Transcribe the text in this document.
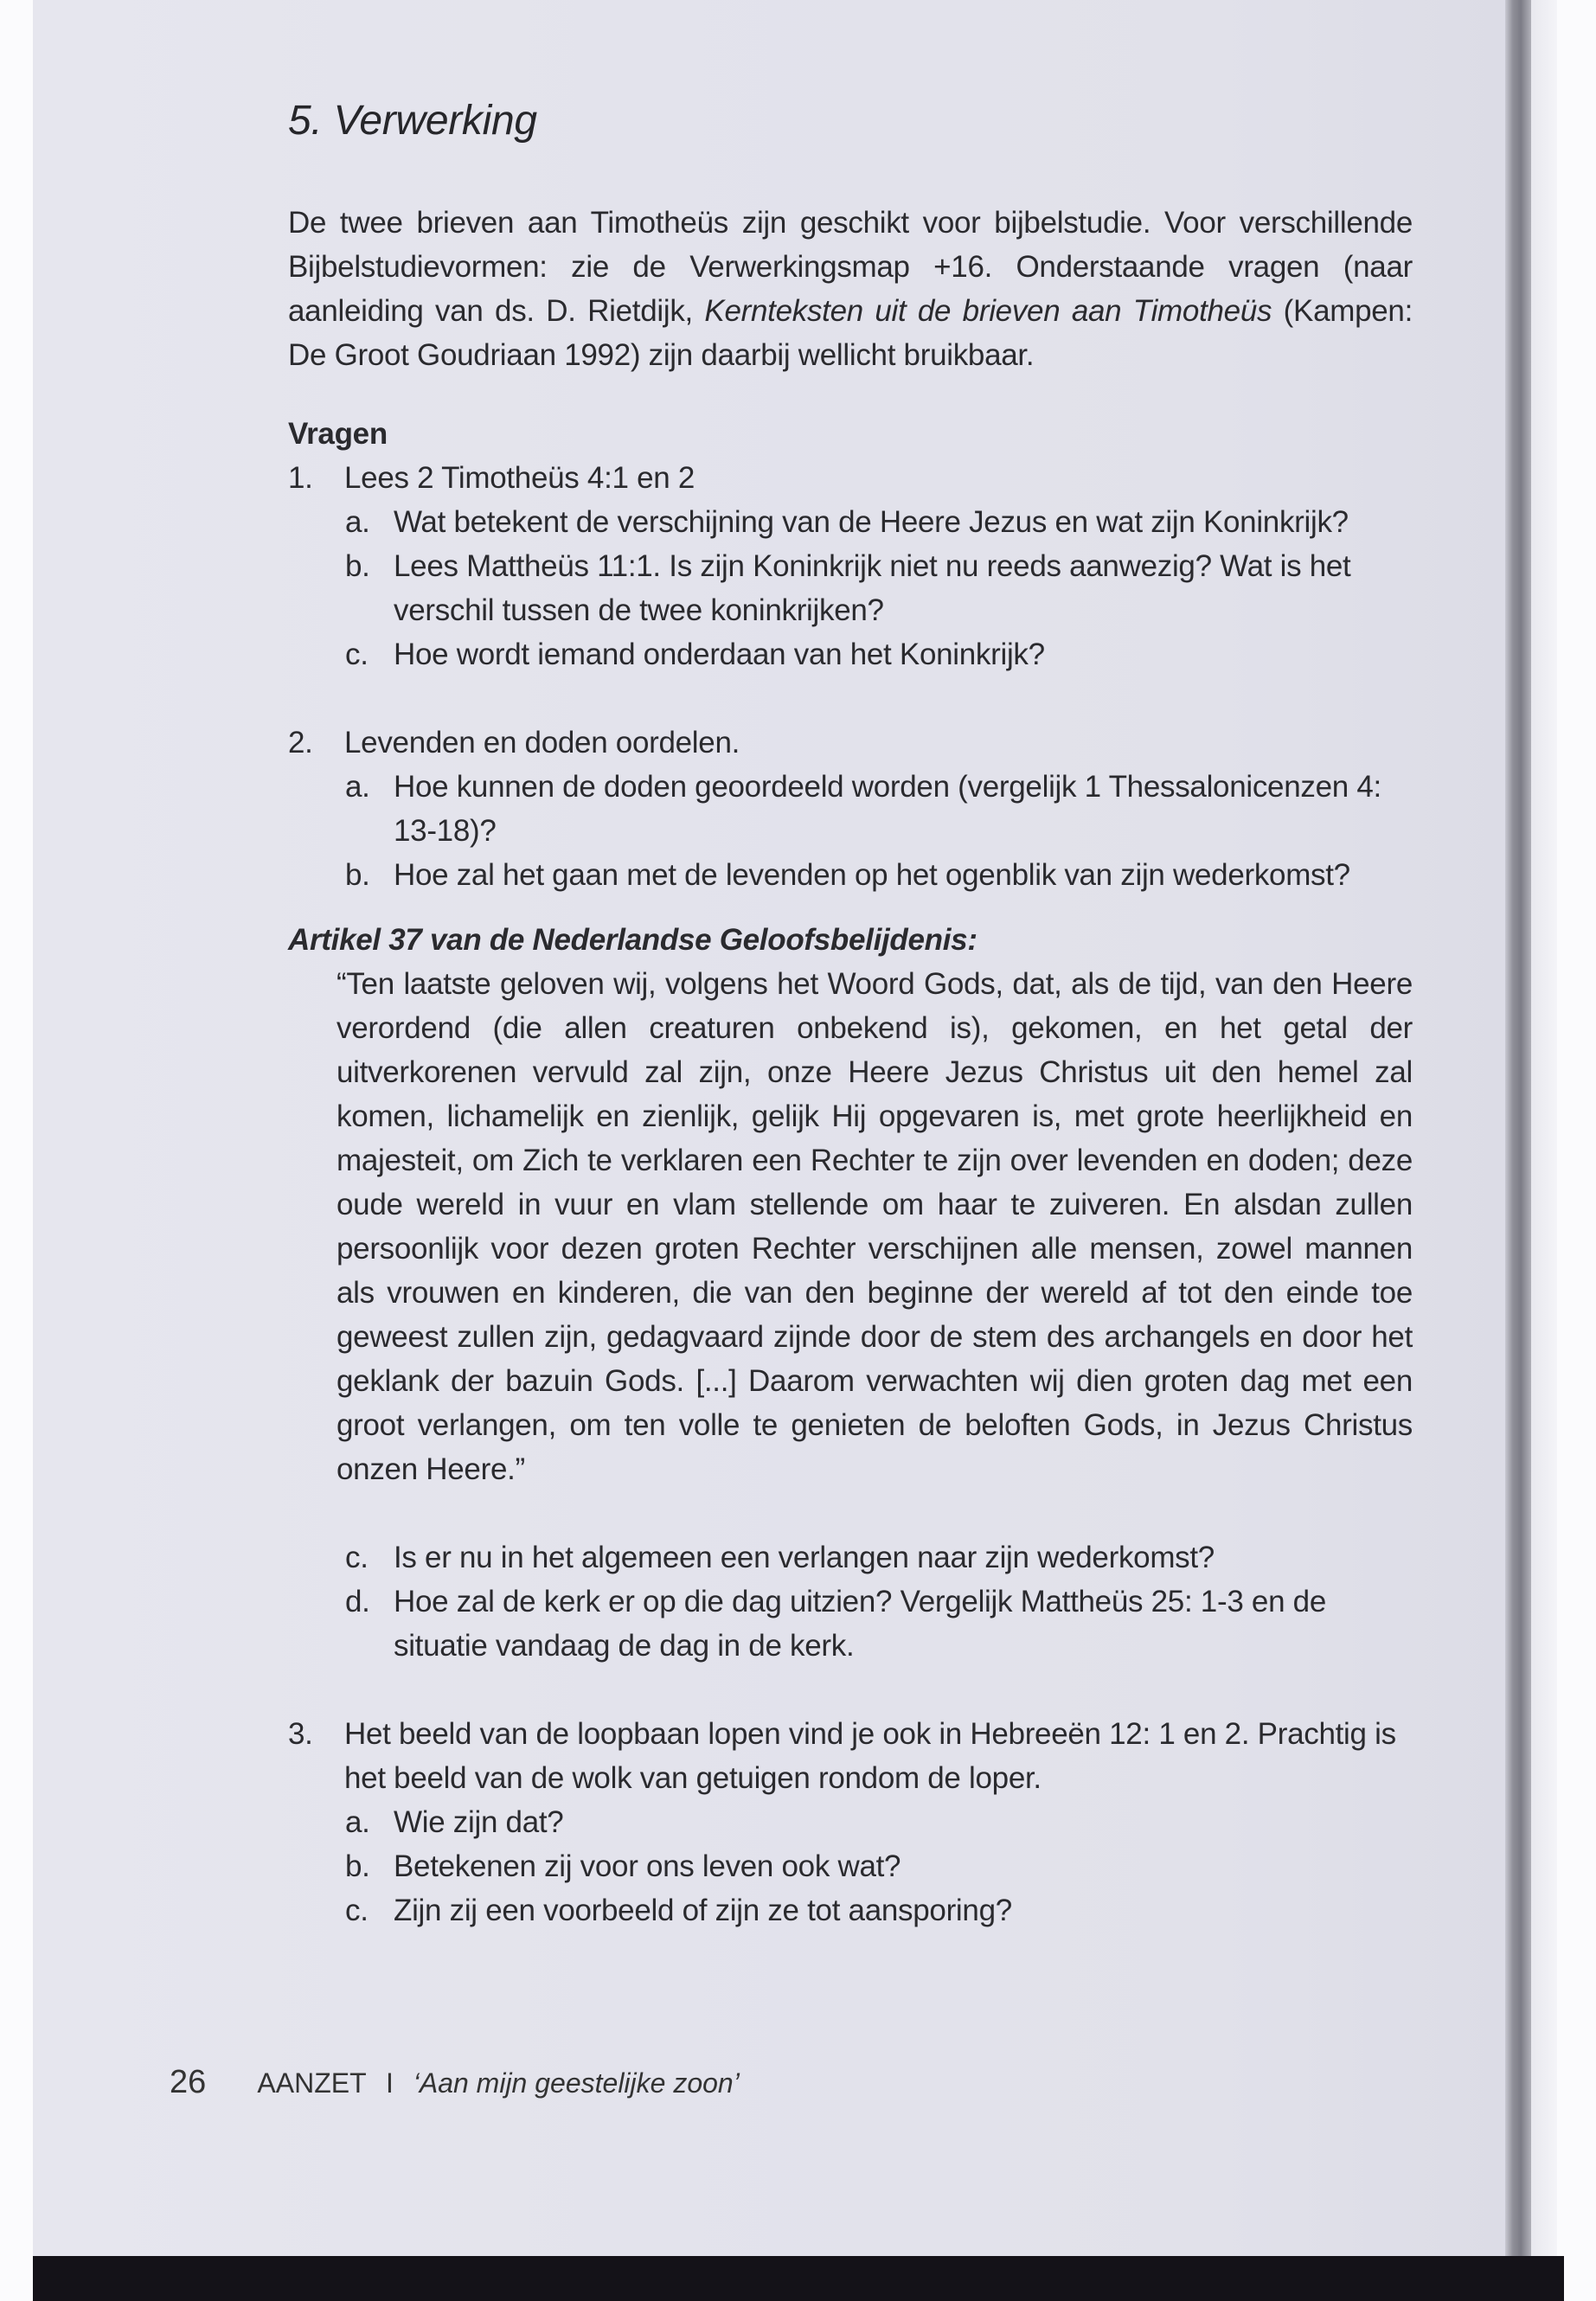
5. Verwerking

De twee brieven aan Timotheüs zijn geschikt voor bijbelstudie. Voor verschillende Bijbelstudievormen: zie de Verwerkingsmap +16. Onderstaande vragen (naar aanleiding van ds. D. Rietdijk, Kernteksten uit de brieven aan Timotheüs (Kampen: De Groot Goudriaan 1992) zijn daarbij wellicht bruikbaar.

Vragen
1. Lees 2 Timotheüs 4:1 en 2
a. Wat betekent de verschijning van de Heere Jezus en wat zijn Koninkrijk?
b. Lees Mattheüs 11:1. Is zijn Koninkrijk niet nu reeds aanwezig? Wat is het verschil tussen de twee koninkrijken?
c. Hoe wordt iemand onderdaan van het Koninkrijk?
2. Levenden en doden oordelen.
a. Hoe kunnen de doden geoordeeld worden (vergelijk 1 Thessalonicenzen 4: 13-18)?
b. Hoe zal het gaan met de levenden op het ogenblik van zijn wederkomst?
Artikel 37 van de Nederlandse Geloofsbelijdenis:

“Ten laatste geloven wij, volgens het Woord Gods, dat, als de tijd, van den Heere verordend (die allen creaturen onbekend is), gekomen, en het getal der uitverkorenen vervuld zal zijn, onze Heere Jezus Christus uit den hemel zal komen, lichamelijk en zienlijk, gelijk Hij opgevaren is, met grote heerlijkheid en majesteit, om Zich te verklaren een Rechter te zijn over levenden en doden; deze oude wereld in vuur en vlam stellende om haar te zuiveren. En alsdan zullen persoonlijk voor dezen groten Rechter verschijnen alle mensen, zowel mannen als vrouwen en kinderen, die van den beginne der wereld af tot den einde toe geweest zullen zijn, gedagvaard zijnde door de stem des archangels en door het geklank der bazuin Gods. [...] Daarom verwachten wij dien groten dag met een groot verlangen, om ten volle te genieten de beloften Gods, in Jezus Christus onzen Heere.”

c. Is er nu in het algemeen een verlangen naar zijn wederkomst?
d. Hoe zal de kerk er op die dag uitzien? Vergelijk Mattheüs 25: 1-3 en de situatie vandaag de dag in de kerk.
3. Het beeld van de loopbaan lopen vind je ook in Hebreeën 12: 1 en 2. Prachtig is het beeld van de wolk van getuigen rondom de loper.
a. Wie zijn dat?
b. Betekenen zij voor ons leven ook wat?
c. Zijn zij een voorbeeld of zijn ze tot aansporing?
26 AANZET I ‘Aan mijn geestelijke zoon’
